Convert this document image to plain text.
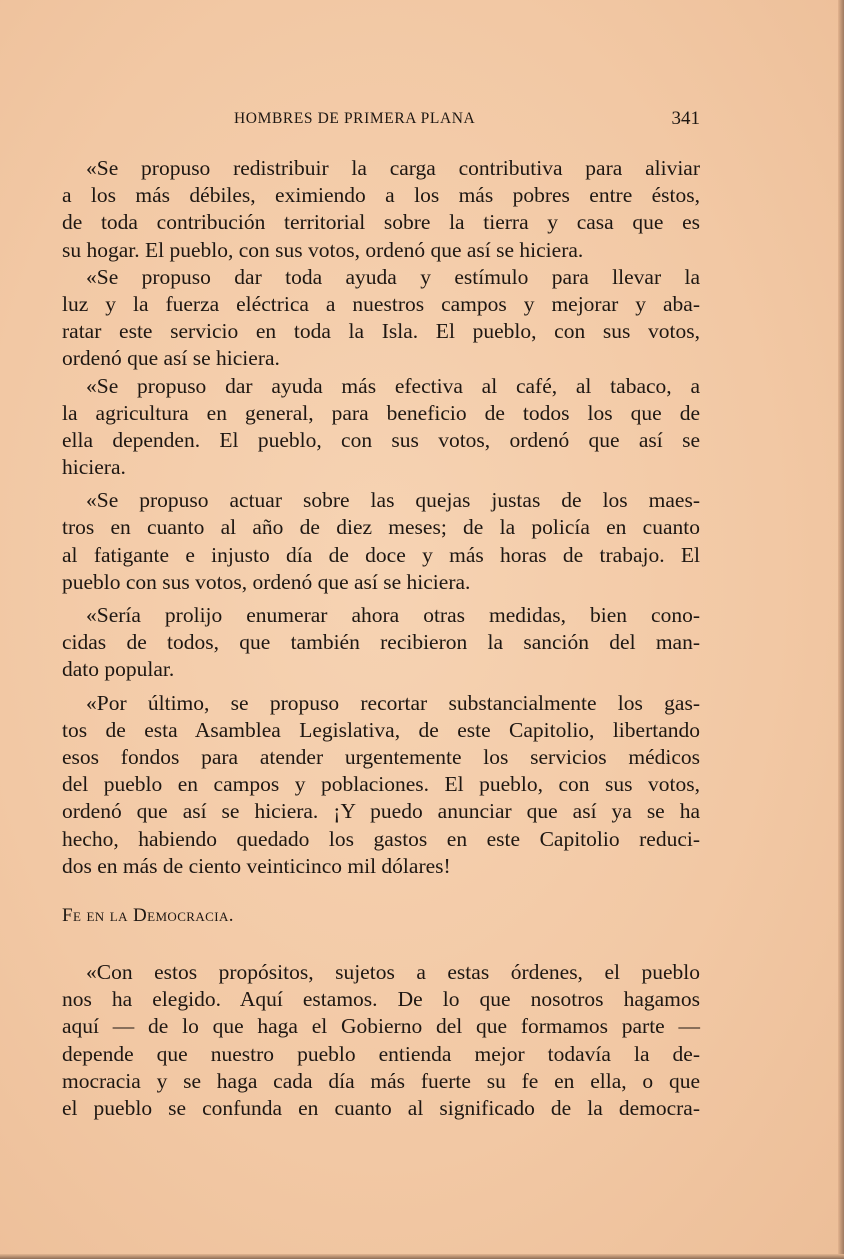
HOMBRES DE PRIMERA PLANA	341
«Se propuso redistribuir la carga contributiva para aliviar
a los más débiles, eximiendo a los más pobres entre éstos,
de toda contribución territorial sobre la tierra y casa que es
su hogar. El pueblo, con sus votos, ordenó que así se hiciera.
«Se propuso dar toda ayuda y estímulo para llevar la
luz y la fuerza eléctrica a nuestros campos y mejorar y aba-
ratar este servicio en toda la Isla. El pueblo, con sus votos,
ordenó que así se hiciera.
«Se propuso dar ayuda más efectiva al café, al tabaco, a
la agricultura en general, para beneficio de todos los que de
ella dependen. El pueblo, con sus votos, ordenó que así se
hiciera.
«Se propuso actuar sobre las quejas justas de los maes-
tros en cuanto al año de diez meses; de la policía en cuanto
al fatigante e injusto día de doce y más horas de trabajo. El
pueblo con sus votos, ordenó que así se hiciera.
«Sería prolijo enumerar ahora otras medidas, bien cono-
cidas de todos, que también recibieron la sanción del man-
dato popular.
«Por último, se propuso recortar substancialmente los gas-
tos de esta Asamblea Legislativa, de este Capitolio, libertando
esos fondos para atender urgentemente los servicios médicos
del pueblo en campos y poblaciones. El pueblo, con sus votos,
ordenó que así se hiciera. ¡Y puedo anunciar que así ya se ha
hecho, habiendo quedado los gastos en este Capitolio reduci-
dos en más de ciento veinticinco mil dólares!
Fe en la Democracia.
«Con estos propósitos, sujetos a estas órdenes, el pueblo
nos ha elegido. Aquí estamos. De lo que nosotros hagamos
aquí — de lo que haga el Gobierno del que formamos parte —
depende que nuestro pueblo entienda mejor todavía la de-
mocracia y se haga cada día más fuerte su fe en ella, o que
el pueblo se confunda en cuanto al significado de la democra-
